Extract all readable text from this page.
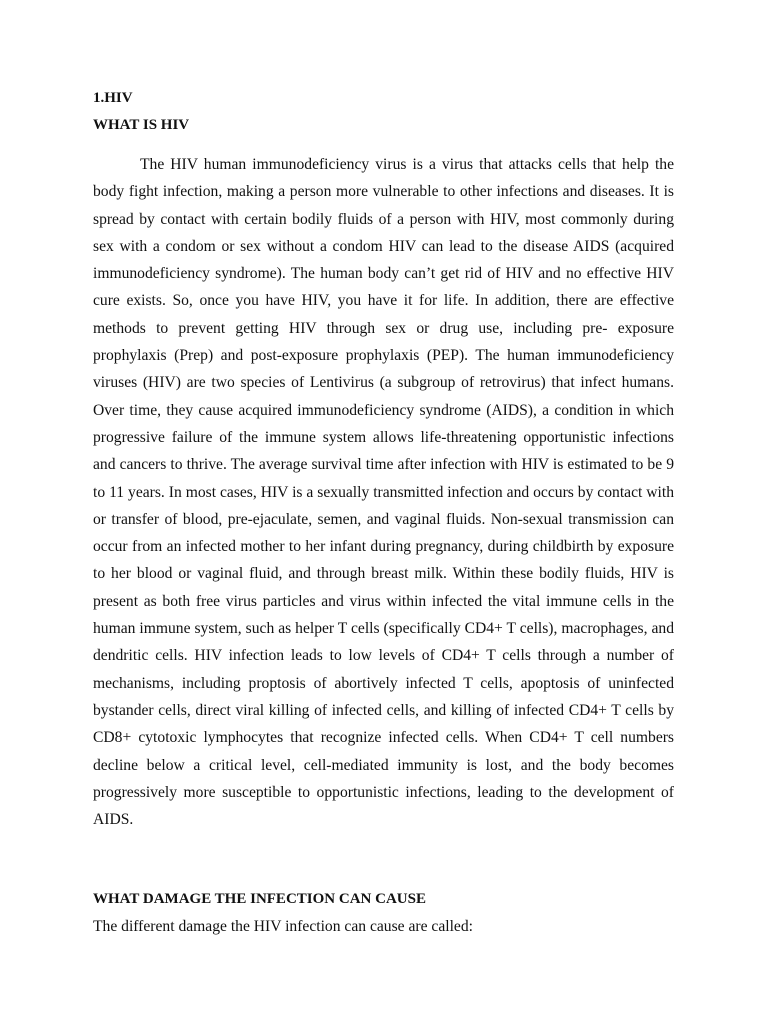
1.HIV

WHAT IS HIV

The HIV human immunodeficiency virus is a virus that attacks cells that help the body fight infection, making a person more vulnerable to other infections and diseases. It is spread by contact with certain bodily fluids of a person with HIV, most commonly during sex with a condom or sex without a condom HIV can lead to the disease AIDS (acquired immunodeficiency syndrome). The human body can’t get rid of HIV and no effective HIV cure exists. So, once you have HIV, you have it for life. In addition, there are effective methods to prevent getting HIV through sex or drug use, including pre- exposure prophylaxis (Prep) and post-exposure prophylaxis (PEP). The human immunodeficiency viruses (HIV) are two species of Lentivirus (a subgroup of retrovirus) that infect humans. Over time, they cause acquired immunodeficiency syndrome (AIDS), a condition in which progressive failure of the immune system allows life-threatening opportunistic infections and cancers to thrive. The average survival time after infection with HIV is estimated to be 9 to 11 years. In most cases, HIV is a sexually transmitted infection and occurs by contact with or transfer of blood, pre-ejaculate, semen, and vaginal fluids. Non-sexual transmission can occur from an infected mother to her infant during pregnancy, during childbirth by exposure to her blood or vaginal fluid, and through breast milk. Within these bodily fluids, HIV is present as both free virus particles and virus within infected the vital immune cells in the human immune system, such as helper T cells (specifically CD4+ T cells), macrophages, and dendritic cells. HIV infection leads to low levels of CD4+ T cells through a number of mechanisms, including proptosis of abortively infected T cells, apoptosis of uninfected bystander cells, direct viral killing of infected cells, and killing of infected CD4+ T cells by CD8+ cytotoxic lymphocytes that recognize infected cells. When CD4+ T cell numbers decline below a critical level, cell-mediated immunity is lost, and the body becomes progressively more susceptible to opportunistic infections, leading to the development of AIDS.

WHAT DAMAGE THE INFECTION CAN CAUSE

The different damage the HIV infection can cause are called:
